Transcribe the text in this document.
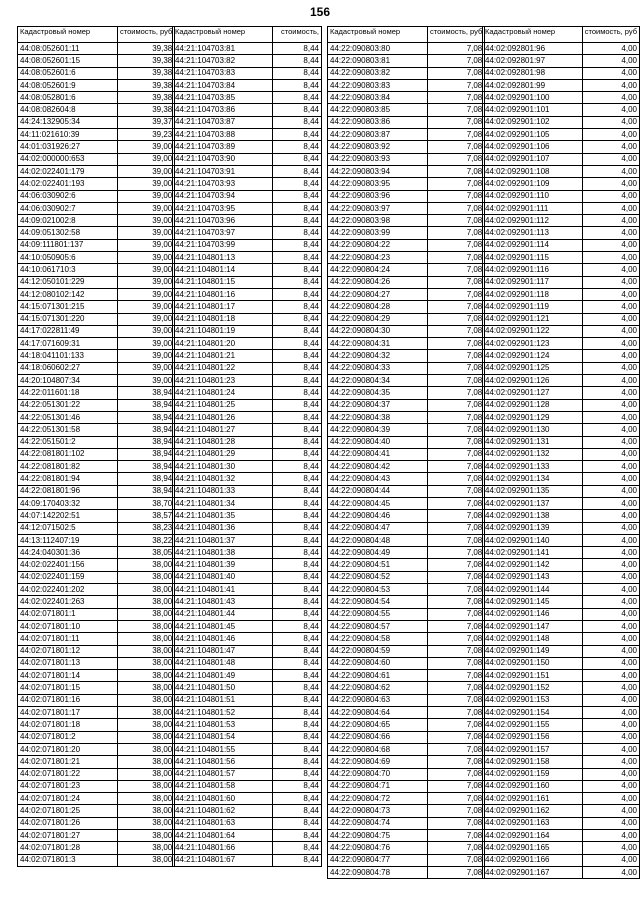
156
Кадастровый номер	стоимость, руб
44:08:052601:11	39,38
44:08:052601:15	39,38
44:08:052601:6	39,38
44:08:052601:9	39,38
44:08:052801:6	39,38
44:08:082604:8	39,38
44:24:132905:34	39,37
44:11:021610:39	39,23
44:01:031926:27	39,00
44:02:000000:653	39,00
44:02:022401:179	39,00
44:02:022401:193	39,00
44:06:030902:6	39,00
44:06:030902:7	39,00
44:09:021002:8	39,00
44:09:051302:58	39,00
44:09:111801:137	39,00
44:10:050905:6	39,00
44:10:061710:3	39,00
44:12:050101:229	39,00
44:12:080102:142	39,00
44:15:071301:215	39,00
44:15:071301:220	39,00
44:17:022811:49	39,00
44:17:071609:31	39,00
44:18:041101:133	39,00
44:18:060602:27	39,00
44:20:104807:34	39,00
44:22:011601:18	38,94
44:22:051301:22	38,94
44:22:051301:46	38,94
44:22:051301:58	38,94
44:22:051501:2	38,94
44:22:081801:102	38,94
44:22:081801:82	38,94
44:22:081801:94	38,94
44:22:081801:96	38,94
44:09:170403:32	38,70
44:07:142202:51	38,57
44:12:071502:5	38,23
44:13:112407:19	38,22
44:24:040301:36	38,05
44:02:022401:156	38,00
44:02:022401:159	38,00
44:02:022401:202	38,00
44:02:022401:263	38,00
44:02:071801:1	38,00
44:02:071801:10	38,00
44:02:071801:11	38,00
44:02:071801:12	38,00
44:02:071801:13	38,00
44:02:071801:14	38,00
44:02:071801:15	38,00
44:02:071801:16	38,00
44:02:071801:17	38,00
44:02:071801:18	38,00
44:02:071801:2	38,00
44:02:071801:20	38,00
44:02:071801:21	38,00
44:02:071801:22	38,00
44:02:071801:23	38,00
44:02:071801:24	38,00
44:02:071801:25	38,00
44:02:071801:26	38,00
44:02:071801:27	38,00
44:02:071801:28	38,00
44:02:071801:3	38,00
Кадастровый номер	стоимость,
44:21:104703:81	8,44
44:21:104703:82	8,44
44:21:104703:83	8,44
44:21:104703:84	8,44
44:21:104703:85	8,44
44:21:104703:86	8,44
44:21:104703:87	8,44
44:21:104703:88	8,44
44:21:104703:89	8,44
44:21:104703:90	8,44
44:21:104703:91	8,44
44:21:104703:93	8,44
44:21:104703:94	8,44
44:21:104703:95	8,44
44:21:104703:96	8,44
44:21:104703:97	8,44
44:21:104703:99	8,44
44:21:104801:13	8,44
44:21:104801:14	8,44
44:21:104801:15	8,44
44:21:104801:16	8,44
44:21:104801:17	8,44
44:21:104801:18	8,44
44:21:104801:19	8,44
44:21:104801:20	8,44
44:21:104801:21	8,44
44:21:104801:22	8,44
44:21:104801:23	8,44
44:21:104801:24	8,44
44:21:104801:25	8,44
44:21:104801:26	8,44
44:21:104801:27	8,44
44:21:104801:28	8,44
44:21:104801:29	8,44
44:21:104801:30	8,44
44:21:104801:32	8,44
44:21:104801:33	8,44
44:21:104801:34	8,44
44:21:104801:35	8,44
44:21:104801:36	8,44
44:21:104801:37	8,44
44:21:104801:38	8,44
44:21:104801:39	8,44
44:21:104801:40	8,44
44:21:104801:41	8,44
44:21:104801:43	8,44
44:21:104801:44	8,44
44:21:104801:45	8,44
44:21:104801:46	8,44
44:21:104801:47	8,44
44:21:104801:48	8,44
44:21:104801:49	8,44
44:21:104801:50	8,44
44:21:104801:51	8,44
44:21:104801:52	8,44
44:21:104801:53	8,44
44:21:104801:54	8,44
44:21:104801:55	8,44
44:21:104801:56	8,44
44:21:104801:57	8,44
44:21:104801:58	8,44
44:21:104801:60	8,44
44:21:104801:62	8,44
44:21:104801:63	8,44
44:21:104801:64	8,44
44:21:104801:66	8,44
44:21:104801:67	8,44
Кадастровый номер	стоимость, руб
44:22:090803:80	7,08
44:22:090803:81	7,08
44:22:090803:82	7,08
44:22:090803:83	7,08
44:22:090803:84	7,08
44:22:090803:85	7,08
44:22:090803:86	7,08
44:22:090803:87	7,08
44:22:090803:92	7,08
44:22:090803:93	7,08
44:22:090803:94	7,08
44:22:090803:95	7,08
44:22:090803:96	7,08
44:22:090803:97	7,08
44:22:090803:98	7,08
44:22:090803:99	7,08
44:22:090804:22	7,08
44:22:090804:23	7,08
44:22:090804:24	7,08
44:22:090804:26	7,08
44:22:090804:27	7,08
44:22:090804:28	7,08
44:22:090804:29	7,08
44:22:090804:30	7,08
44:22:090804:31	7,08
44:22:090804:32	7,08
44:22:090804:33	7,08
44:22:090804:34	7,08
44:22:090804:35	7,08
44:22:090804:37	7,08
44:22:090804:38	7,08
44:22:090804:39	7,08
44:22:090804:40	7,08
44:22:090804:41	7,08
44:22:090804:42	7,08
44:22:090804:43	7,08
44:22:090804:44	7,08
44:22:090804:45	7,08
44:22:090804:46	7,08
44:22:090804:47	7,08
44:22:090804:48	7,08
44:22:090804:49	7,08
44:22:090804:51	7,08
44:22:090804:52	7,08
44:22:090804:53	7,08
44:22:090804:54	7,08
44:22:090804:55	7,08
44:22:090804:57	7,08
44:22:090804:58	7,08
44:22:090804:59	7,08
44:22:090804:60	7,08
44:22:090804:61	7,08
44:22:090804:62	7,08
44:22:090804:63	7,08
44:22:090804:64	7,08
44:22:090804:65	7,08
44:22:090804:66	7,08
44:22:090804:68	7,08
44:22:090804:69	7,08
44:22:090804:70	7,08
44:22:090804:71	7,08
44:22:090804:72	7,08
44:22:090804:73	7,08
44:22:090804:74	7,08
44:22:090804:75	7,08
44:22:090804:76	7,08
44:22:090804:77	7,08
44:22:090804:78	7,08
Кадастровый номер	стоимость, руб
44:02:092801:96	4,00
44:02:092801:97	4,00
44:02:092801:98	4,00
44:02:092801:99	4,00
44:02:092901:100	4,00
44:02:092901:101	4,00
44:02:092901:102	4,00
44:02:092901:105	4,00
44:02:092901:106	4,00
44:02:092901:107	4,00
44:02:092901:108	4,00
44:02:092901:109	4,00
44:02:092901:110	4,00
44:02:092901:111	4,00
44:02:092901:112	4,00
44:02:092901:113	4,00
44:02:092901:114	4,00
44:02:092901:115	4,00
44:02:092901:116	4,00
44:02:092901:117	4,00
44:02:092901:118	4,00
44:02:092901:119	4,00
44:02:092901:121	4,00
44:02:092901:122	4,00
44:02:092901:123	4,00
44:02:092901:124	4,00
44:02:092901:125	4,00
44:02:092901:126	4,00
44:02:092901:127	4,00
44:02:092901:128	4,00
44:02:092901:129	4,00
44:02:092901:130	4,00
44:02:092901:131	4,00
44:02:092901:132	4,00
44:02:092901:133	4,00
44:02:092901:134	4,00
44:02:092901:135	4,00
44:02:092901:137	4,00
44:02:092901:138	4,00
44:02:092901:139	4,00
44:02:092901:140	4,00
44:02:092901:141	4,00
44:02:092901:142	4,00
44:02:092901:143	4,00
44:02:092901:144	4,00
44:02:092901:145	4,00
44:02:092901:146	4,00
44:02:092901:147	4,00
44:02:092901:148	4,00
44:02:092901:149	4,00
44:02:092901:150	4,00
44:02:092901:151	4,00
44:02:092901:152	4,00
44:02:092901:153	4,00
44:02:092901:154	4,00
44:02:092901:155	4,00
44:02:092901:156	4,00
44:02:092901:157	4,00
44:02:092901:158	4,00
44:02:092901:159	4,00
44:02:092901:160	4,00
44:02:092901:161	4,00
44:02:092901:162	4,00
44:02:092901:163	4,00
44:02:092901:164	4,00
44:02:092901:165	4,00
44:02:092901:166	4,00
44:02:092901:167	4,00
